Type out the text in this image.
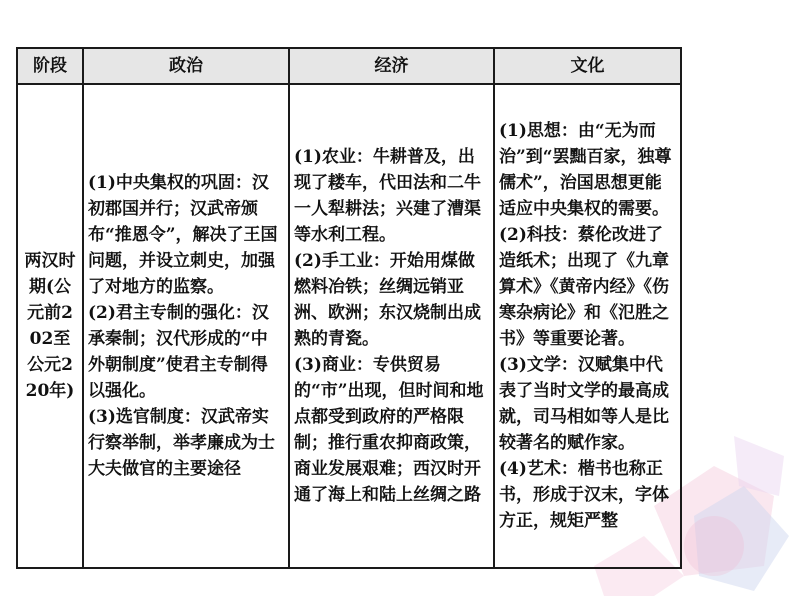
阶段	政治	经济	文化
两汉时期(公元前202至公元220年)	(1)中央集权的巩固：汉初郡国并行；汉武帝颁布“推恩令”，解决了王国问题，并设立刺史，加强了对地方的监察。
(2)君主专制的强化：汉承秦制；汉代形成的“中外朝制度”使君主专制得以强化。
(3)选官制度：汉武帝实行察举制，举孝廉成为士大夫做官的主要途径	(1)农业：牛耕普及，出现了耧车，代田法和二牛一人犁耕法；兴建了漕渠等水利工程。
(2)手工业：开始用煤做燃料冶铁；丝绸远销亚洲、欧洲；东汉烧制出成熟的青瓷。
(3)商业：专供贸易的“市”出现，但时间和地点都受到政府的严格限制；推行重农抑商政策，商业发展艰难；西汉时开通了海上和陆上丝绸之路	(1)思想：由“无为而治”到“罢黜百家，独尊儒术”，治国思想更能适应中央集权的需要。
(2)科技：蔡伦改进了造纸术；出现了《九章算术》《黄帝内经》《伤寒杂病论》和《氾胜之书》等重要论著。
(3)文学：汉赋集中代表了当时文学的最高成就，司马相如等人是比较著名的赋作家。
(4)艺术：楷书也称正书，形成于汉末，字体方正，规矩严整
